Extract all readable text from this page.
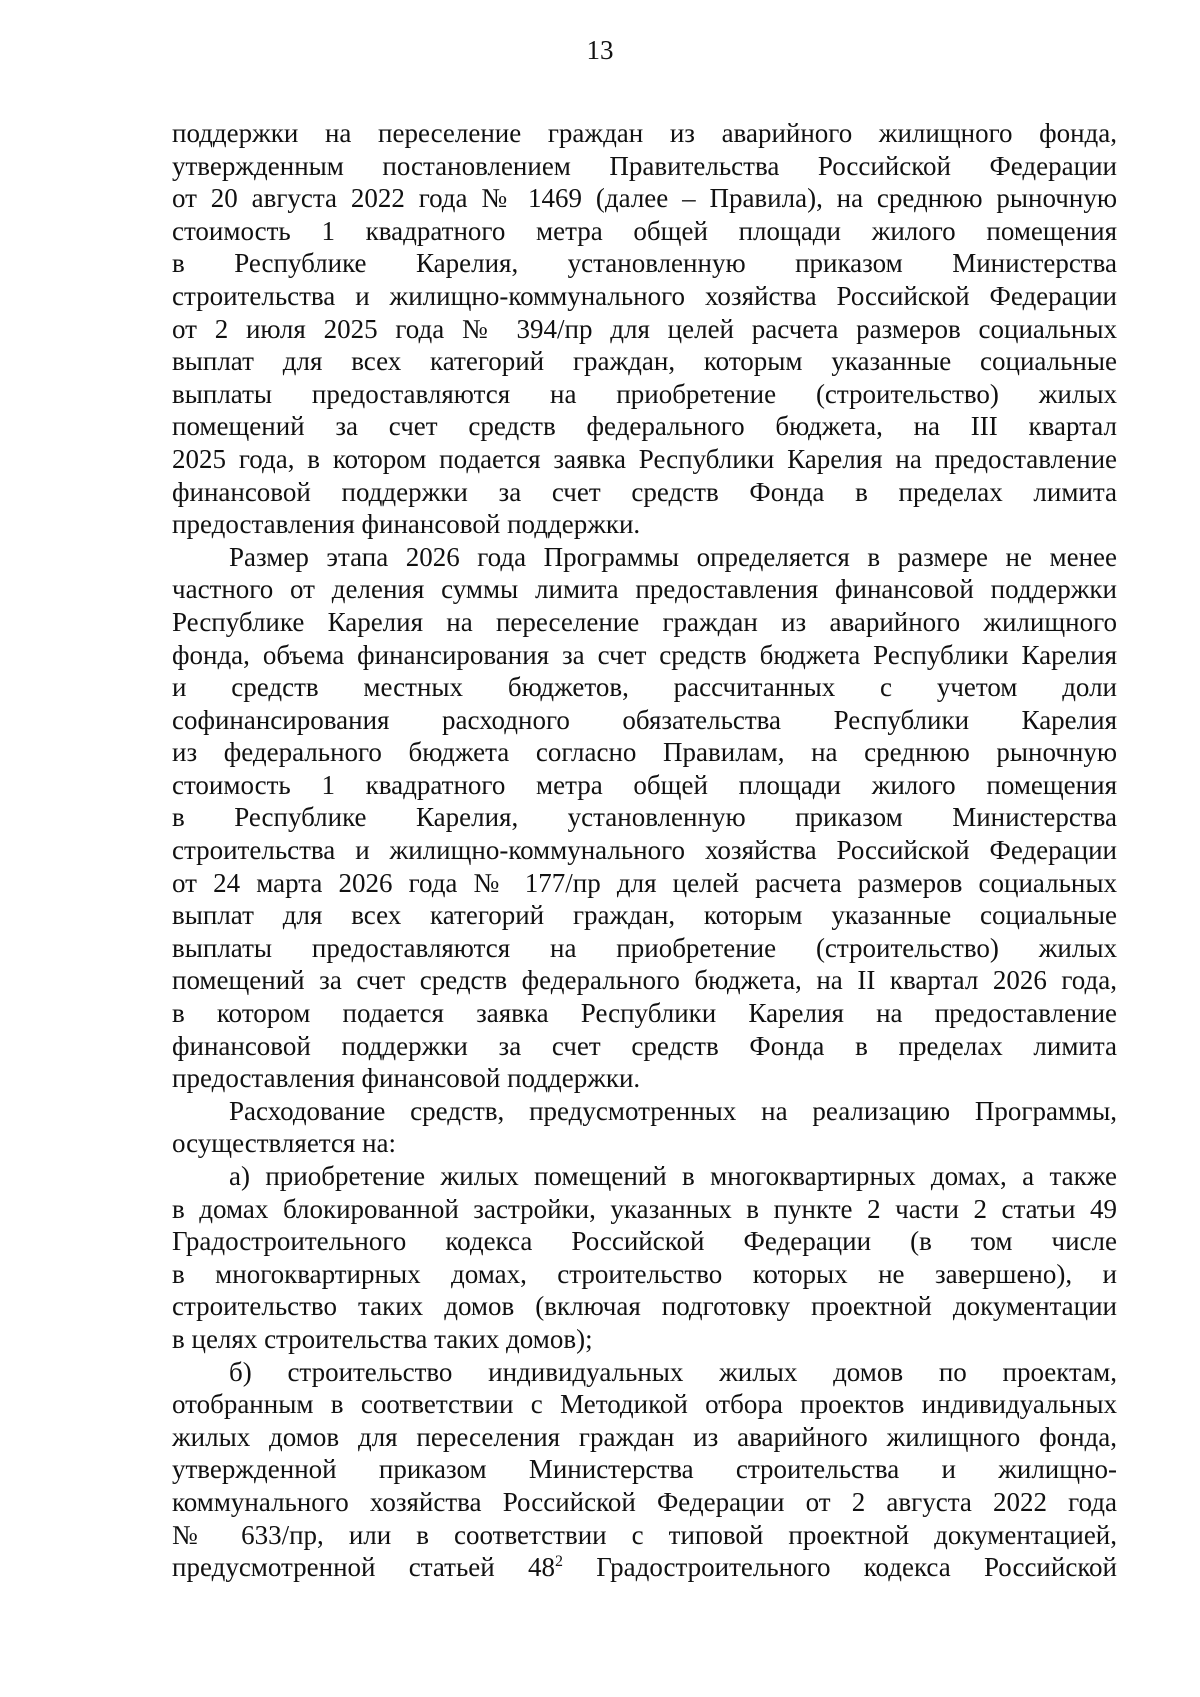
13
поддержки на переселение граждан из аварийного жилищного фонда,
утвержденным постановлением Правительства Российской Федерации
от 20 августа 2022 года № 1469 (далее – Правила), на среднюю рыночную
стоимость 1 квадратного метра общей площади жилого помещения
в Республике Карелия, установленную приказом Министерства
строительства и жилищно-коммунального хозяйства Российской Федерации
от 2 июля 2025 года № 394/пр для целей расчета размеров социальных
выплат для всех категорий граждан, которым указанные социальные
выплаты предоставляются на приобретение (строительство) жилых
помещений за счет средств федерального бюджета, на III квартал
2025 года, в котором подается заявка Республики Карелия на предоставление
финансовой поддержки за счет средств Фонда в пределах лимита
предоставления финансовой поддержки.
Размер этапа 2026 года Программы определяется в размере не менее
частного от деления суммы лимита предоставления финансовой поддержки
Республике Карелия на переселение граждан из аварийного жилищного
фонда, объема финансирования за счет средств бюджета Республики Карелия
и средств местных бюджетов, рассчитанных с учетом доли
софинансирования расходного обязательства Республики Карелия
из федерального бюджета согласно Правилам, на среднюю рыночную
стоимость 1 квадратного метра общей площади жилого помещения
в Республике Карелия, установленную приказом Министерства
строительства и жилищно-коммунального хозяйства Российской Федерации
от 24 марта 2026 года № 177/пр для целей расчета размеров социальных
выплат для всех категорий граждан, которым указанные социальные
выплаты предоставляются на приобретение (строительство) жилых
помещений за счет средств федерального бюджета, на II квартал 2026 года,
в котором подается заявка Республики Карелия на предоставление
финансовой поддержки за счет средств Фонда в пределах лимита
предоставления финансовой поддержки.
Расходование средств, предусмотренных на реализацию Программы,
осуществляется на:
а) приобретение жилых помещений в многоквартирных домах, а также
в домах блокированной застройки, указанных в пункте 2 части 2 статьи 49
Градостроительного кодекса Российской Федерации (в том числе
в многоквартирных домах, строительство которых не завершено), и
строительство таких домов (включая подготовку проектной документации
в целях строительства таких домов);
б) строительство индивидуальных жилых домов по проектам,
отобранным в соответствии с Методикой отбора проектов индивидуальных
жилых домов для переселения граждан из аварийного жилищного фонда,
утвержденной приказом Министерства строительства и жилищно-
коммунального хозяйства Российской Федерации от 2 августа 2022 года
№ 633/пр, или в соответствии с типовой проектной документацией,
предусмотренной статьей $48^2$ Градостроительного кодекса Российской
